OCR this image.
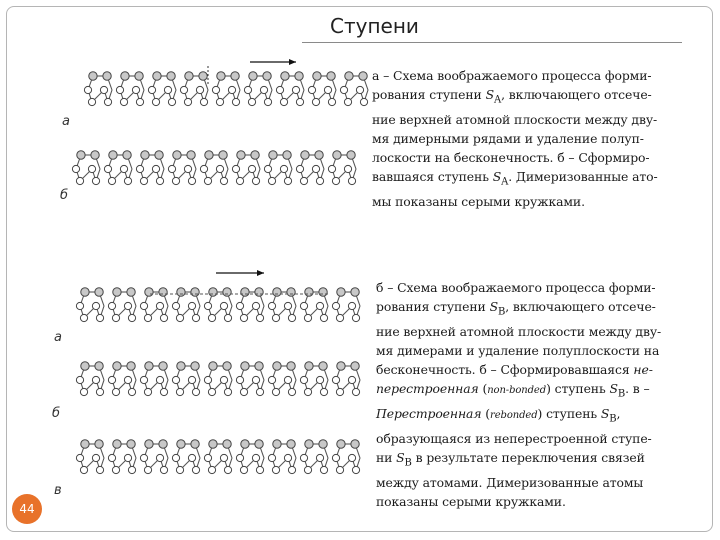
Ступени
а
б
а
б
в
а – Схема воображаемого процесса форми-
рования ступени $S_A$, включающего отсече-
ние верхней атомной плоскости между дву-
мя димерными рядами и удаление полуп-
лоскости на бесконечность. б – Сформиро-
вавшаяся ступень $S_A$. Димеризованные ато-
мы показаны серыми кружками.
б – Схема воображаемого процесса форми-
рования ступени $S_B$, включающего отсече-
ние верхней атомной плоскости между дву-
мя димерами и удаление полуплоскости на
бесконечность. б – Сформировавшаяся не-
перестроенная (non-bonded) ступень $S_B$. в –
Перестроенная (rebonded) ступень $S_B$,
образующаяся из неперестроенной ступе-
ни $S_B$ в результате переключения связей
между атомами. Димеризованные атомы
показаны серыми кружками.
44
